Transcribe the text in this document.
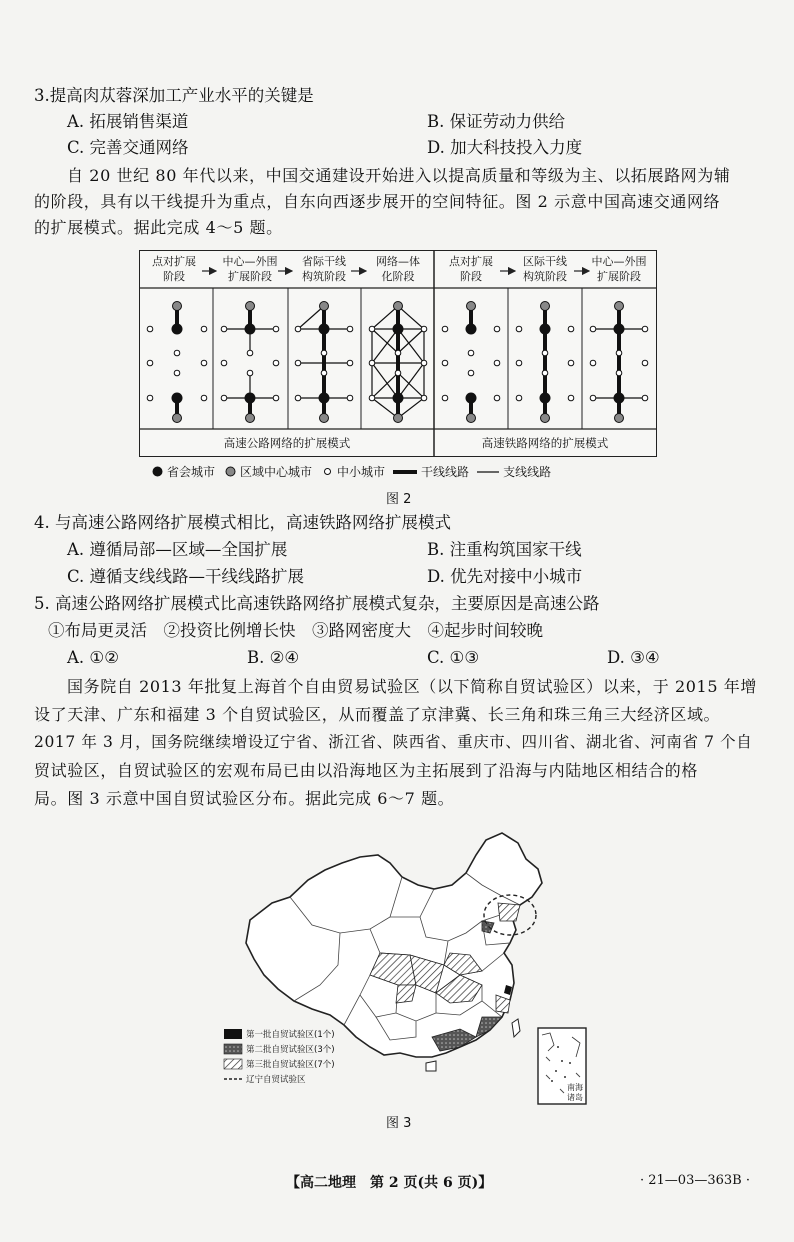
3.提高肉苁蓉深加工产业水平的关键是
A. 拓展销售渠道	B. 保证劳动力供给
C. 完善交通网络	D. 加大科技投入力度
自 20 世纪 80 年代以来，中国交通建设开始进入以提高质量和等级为主、以拓展路网为辅
的阶段，具有以干线提升为重点，自东向西逐步展开的空间特征。图 2 示意中国高速交通网络
的扩展模式。据此完成 4～5 题。
点对扩展
阶段
中心—外围
扩展阶段
省际干线
构筑阶段
网络—体
化阶段
点对扩展
阶段
区际干线
构筑阶段
中心—外围
扩展阶段
高速公路网络的扩展模式	高速铁路网络的扩展模式
省会城市 区域中心城市 中小城市	干线线路	支线线路
图 2
4. 与高速公路网络扩展模式相比，高速铁路网络扩展模式
A. 遵循局部—区域—全国扩展	B. 注重构筑国家干线
C. 遵循支线线路—干线线路扩展	D. 优先对接中小城市
5. 高速公路网络扩展模式比高速铁路网络扩展模式复杂，主要原因是高速公路
①布局更灵活　②投资比例增长快　③路网密度大　④起步时间较晚
A. ①②	B. ②④	C. ①③	D. ③④
国务院自 2013 年批复上海首个自由贸易试验区（以下简称自贸试验区）以来，于 2015 年增
设了天津、广东和福建 3 个自贸试验区，从而覆盖了京津冀、长三角和珠三角三大经济区域。
2017 年 3 月，国务院继续增设辽宁省、浙江省、陕西省、重庆市、四川省、湖北省、河南省 7 个自
贸试验区，自贸试验区的宏观布局已由以沿海地区为主拓展到了沿海与内陆地区相结合的格
局。图 3 示意中国自贸试验区分布。据此完成 6～7 题。
第一批自贸试验区(1个)
第二批自贸试验区(3个)
第三批自贸试验区(7个)
辽宁自贸试验区
南海
诸岛
图 3
【高二地理　第 2 页(共 6 页)】	· 21—03—363B ·
